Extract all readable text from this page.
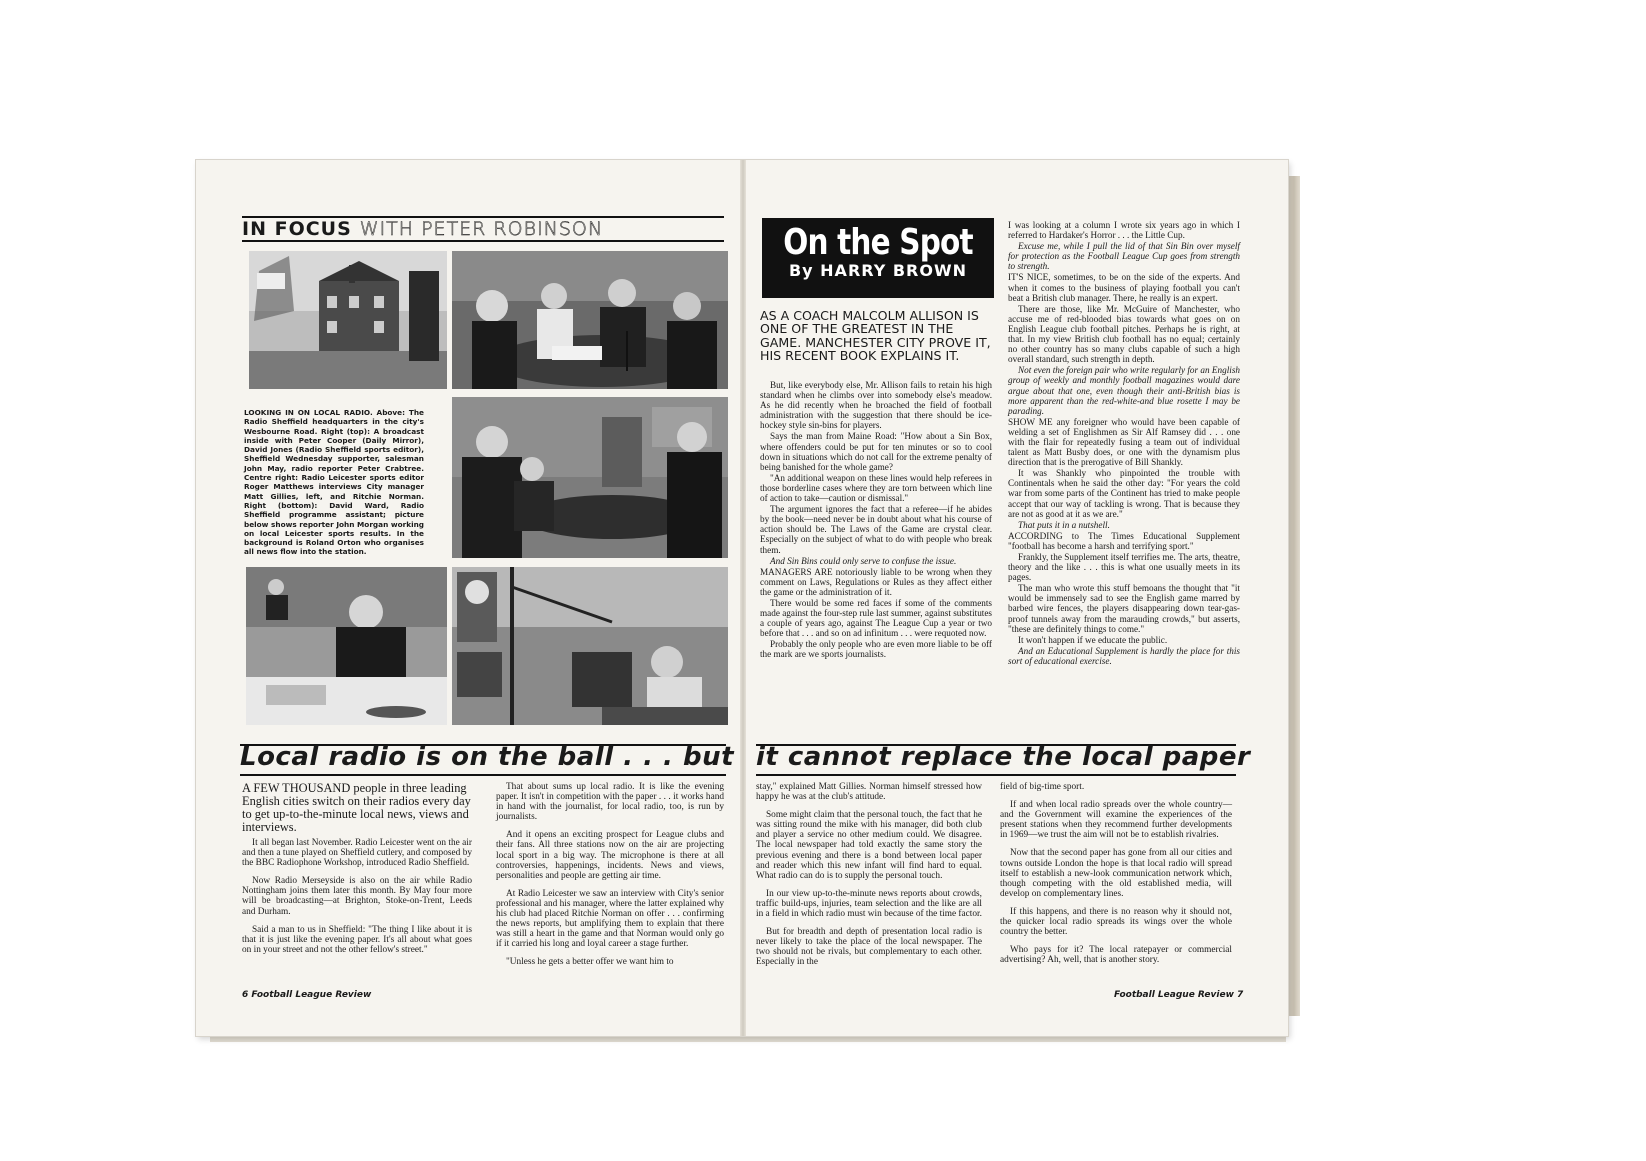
IN FOCUS WITH PETER ROBINSON
LOOKING IN ON LOCAL RADIO. Above: The Radio Sheffield headquarters in the city's Wesbourne Road. Right (top): A broadcast inside with Peter Cooper (Daily Mirror), David Jones (Radio Sheffield sports editor), Sheffield Wednesday supporter, salesman John May, radio reporter Peter Crabtree. Centre right: Radio Leicester sports editor Roger Matthews interviews City manager Matt Gillies, left, and Ritchie Norman. Right (bottom): David Ward, Radio Sheffield programme assistant; picture below shows reporter John Morgan working on local Leicester sports results. In the background is Roland Orton who organises all news flow into the station.
On the Spot
By HARRY BROWN
AS A COACH MALCOLM ALLISON IS ONE OF THE GREATEST IN THE GAME. MANCHESTER CITY PROVE IT, HIS RECENT BOOK EXPLAINS IT.

But, like everybody else, Mr. Allison fails to retain his high standard when he climbs over into somebody else's meadow. As he did recently when he broached the field of football administration with the suggestion that there should be ice-hockey style sin-bins for players.

Says the man from Maine Road: "How about a Sin Box, where offenders could be put for ten minutes or so to cool down in situations which do not call for the extreme penalty of being banished for the whole game?

"An additional weapon on these lines would help referees in those borderline cases where they are torn between which line of action to take—caution or dismissal."

The argument ignores the fact that a referee—if he abides by the book—need never be in doubt about what his course of action should be. The Laws of the Game are crystal clear. Especially on the subject of what to do with people who break them.

And Sin Bins could only serve to confuse the issue.

MANAGERS ARE notoriously liable to be wrong when they comment on Laws, Regulations or Rules as they affect either the game or the administration of it.

There would be some red faces if some of the comments made against the four-step rule last summer, against substitutes a couple of years ago, against The League Cup a year or two before that . . . and so on ad infinitum . . . were requoted now.

Probably the only people who are even more liable to be off the mark are we sports journalists.

I was looking at a column I wrote six years ago in which I referred to Hardaker's Horror . . . the Little Cup.

Excuse me, while I pull the lid of that Sin Bin over myself for protection as the Football League Cup goes from strength to strength.

IT'S NICE, sometimes, to be on the side of the experts. And when it comes to the business of playing football you can't beat a British club manager. There, he really is an expert.

There are those, like Mr. McGuire of Manchester, who accuse me of red-blooded bias towards what goes on on English League club football pitches. Perhaps he is right, at that. In my view British club football has no equal; certainly no other country has so many clubs capable of such a high overall standard, such strength in depth.

Not even the foreign pair who write regularly for an English group of weekly and monthly football magazines would dare argue about that one, even though their anti-British bias is more apparent than the red-white-and blue rosette I may be parading.

SHOW ME any foreigner who would have been capable of welding a set of Englishmen as Sir Alf Ramsey did . . . one with the flair for repeatedly fusing a team out of individual talent as Matt Busby does, or one with the dynamism plus direction that is the prerogative of Bill Shankly.

It was Shankly who pinpointed the trouble with Continentals when he said the other day: "For years the cold war from some parts of the Continent has tried to make people accept that our way of tackling is wrong. That is because they are not as good at it as we are."

That puts it in a nutshell.

ACCORDING to The Times Educational Supplement "football has become a harsh and terrifying sport."

Frankly, the Supplement itself terrifies me. The arts, theatre, theory and the like . . . this is what one usually meets in its pages.

The man who wrote this stuff bemoans the thought that "it would be immensely sad to see the English game marred by barbed wire fences, the players disappearing down tear-gas-proof tunnels away from the marauding crowds," but asserts, "these are definitely things to come."

It won't happen if we educate the public.

And an Educational Supplement is hardly the place for this sort of educational exercise.

Local radio is on the ball . . . but it cannot replace the local paper
A FEW THOUSAND people in three leading English cities switch on their radios every day to get up-to-the-minute local news, views and interviews.

It all began last November. Radio Leicester went on the air and then a tune played on Sheffield cutlery, and composed by the BBC Radiophone Workshop, introduced Radio Sheffield.

Now Radio Merseyside is also on the air while Radio Nottingham joins them later this month. By May four more will be broadcasting—at Brighton, Stoke-on-Trent, Leeds and Durham.

Said a man to us in Sheffield: "The thing I like about it is that it is just like the evening paper. It's all about what goes on in your street and not the other fellow's street."

That about sums up local radio. It is like the evening paper. It isn't in competition with the paper . . . it works hand in hand with the journalist, for local radio, too, is run by journalists.

And it opens an exciting prospect for League clubs and their fans. All three stations now on the air are projecting local sport in a big way. The microphone is there at all controversies, happenings, incidents. News and views, personalities and people are getting air time.

At Radio Leicester we saw an interview with City's senior professional and his manager, where the latter explained why his club had placed Ritchie Norman on offer . . . confirming the news reports, but amplifying them to explain that there was still a heart in the game and that Norman would only go if it carried his long and loyal career a stage further.

"Unless he gets a better offer we want him to

stay," explained Matt Gillies. Norman himself stressed how happy he was at the club's attitude.

Some might claim that the personal touch, the fact that he was sitting round the mike with his manager, did both club and player a service no other medium could. We disagree. The local newspaper had told exactly the same story the previous evening and there is a bond between local paper and reader which this new infant will find hard to equal. What radio can do is to supply the personal touch.

In our view up-to-the-minute news reports about crowds, traffic build-ups, injuries, team selection and the like are all in a field in which radio must win because of the time factor.

But for breadth and depth of presentation local radio is never likely to take the place of the local newspaper. The two should not be rivals, but complementary to each other. Especially in the

field of big-time sport.

If and when local radio spreads over the whole country—and the Government will examine the experiences of the present stations when they recommend further developments in 1969—we trust the aim will not be to establish rivalries.

Now that the second paper has gone from all our cities and towns outside London the hope is that local radio will spread itself to establish a new-look communication network which, though competing with the old established media, will develop on complementary lines.

If this happens, and there is no reason why it should not, the quicker local radio spreads its wings over the whole country the better.

Who pays for it? The local ratepayer or commercial advertising? Ah, well, that is another story.

6 Football League Review	Football League Review 7
